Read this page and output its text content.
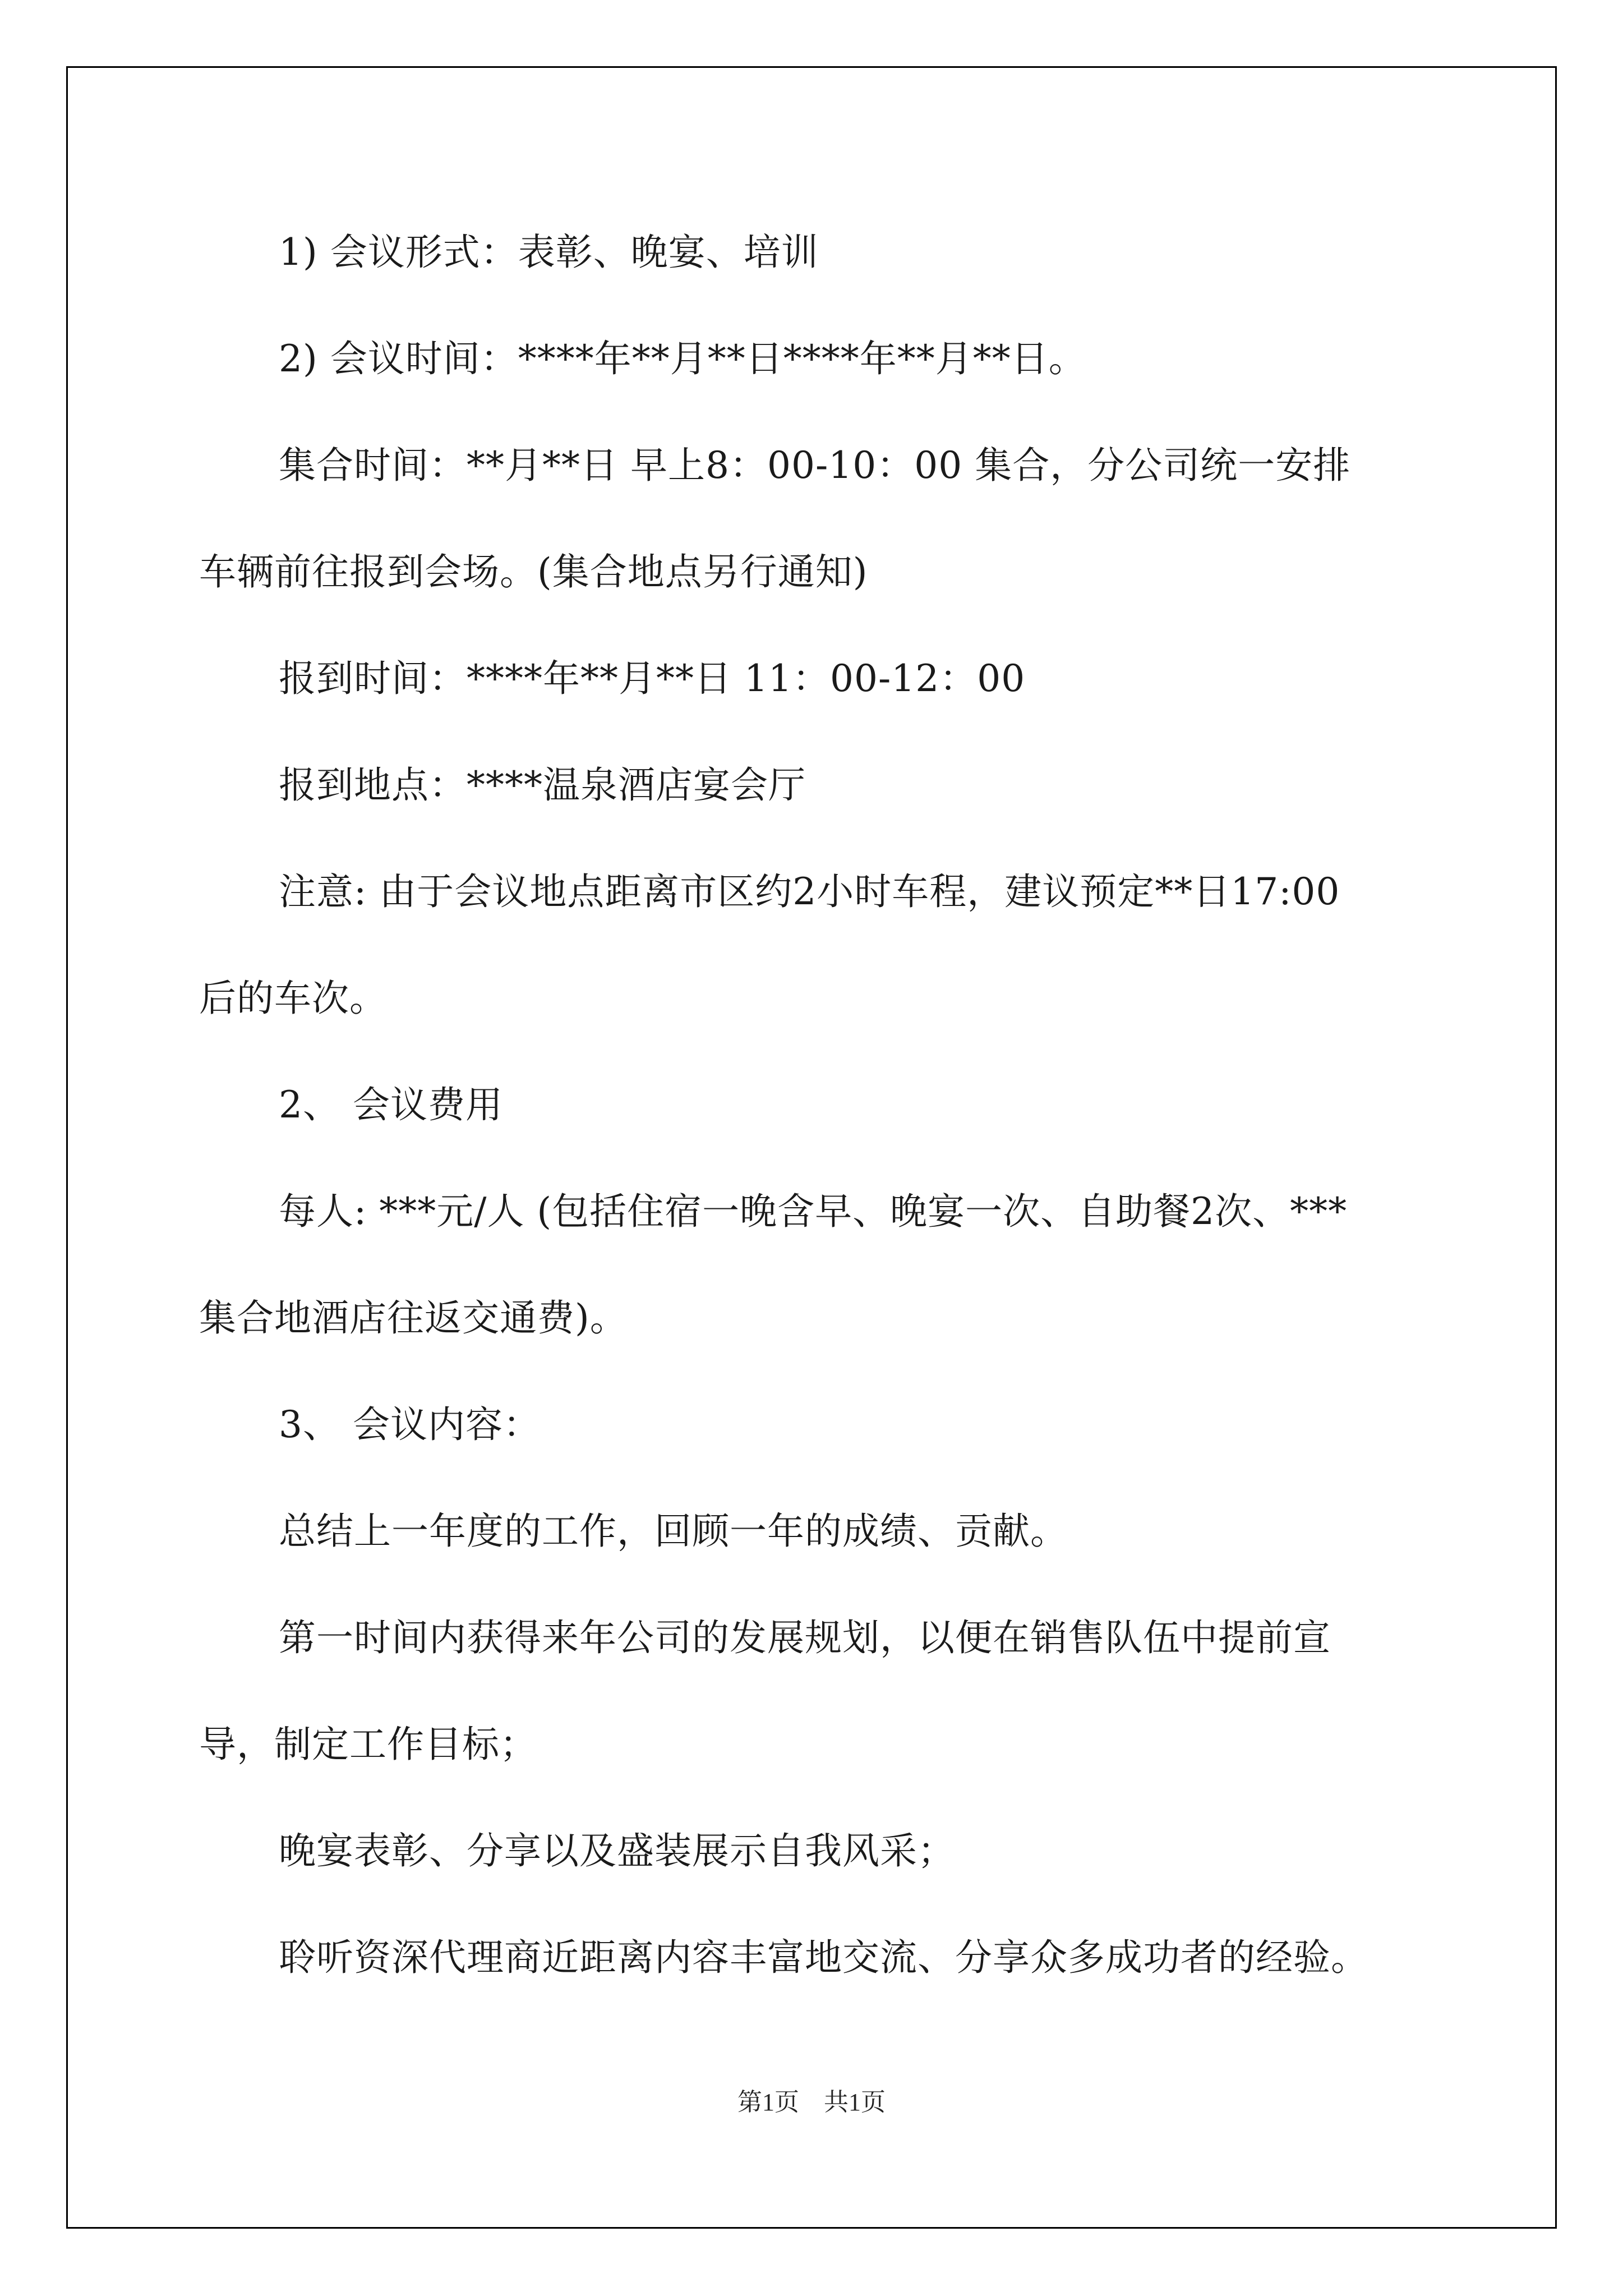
1) 会议形式：表彰、晚宴、培训
2) 会议时间：****年**月**日****年**月**日。
集合时间：**月**日 早上8：00-10：00 集合，分公司统一安排
车辆前往报到会场。(集合地点另行通知)
报到时间：****年**月**日 11：00-12：00
报到地点：****温泉酒店宴会厅
注意: 由于会议地点距离市区约2小时车程，建议预定**日17:00
后的车次。
2、 会议费用
每人: ***元/人 (包括住宿一晚含早、晚宴一次、自助餐2次、***
集合地酒店往返交通费)。
3、 会议内容：
总结上一年度的工作，回顾一年的成绩、贡献。
第一时间内获得来年公司的发展规划，以便在销售队伍中提前宣
导，制定工作目标；
晚宴表彰、分享以及盛装展示自我风采；
聆听资深代理商近距离内容丰富地交流、分享众多成功者的经验。
第1页　共1页
